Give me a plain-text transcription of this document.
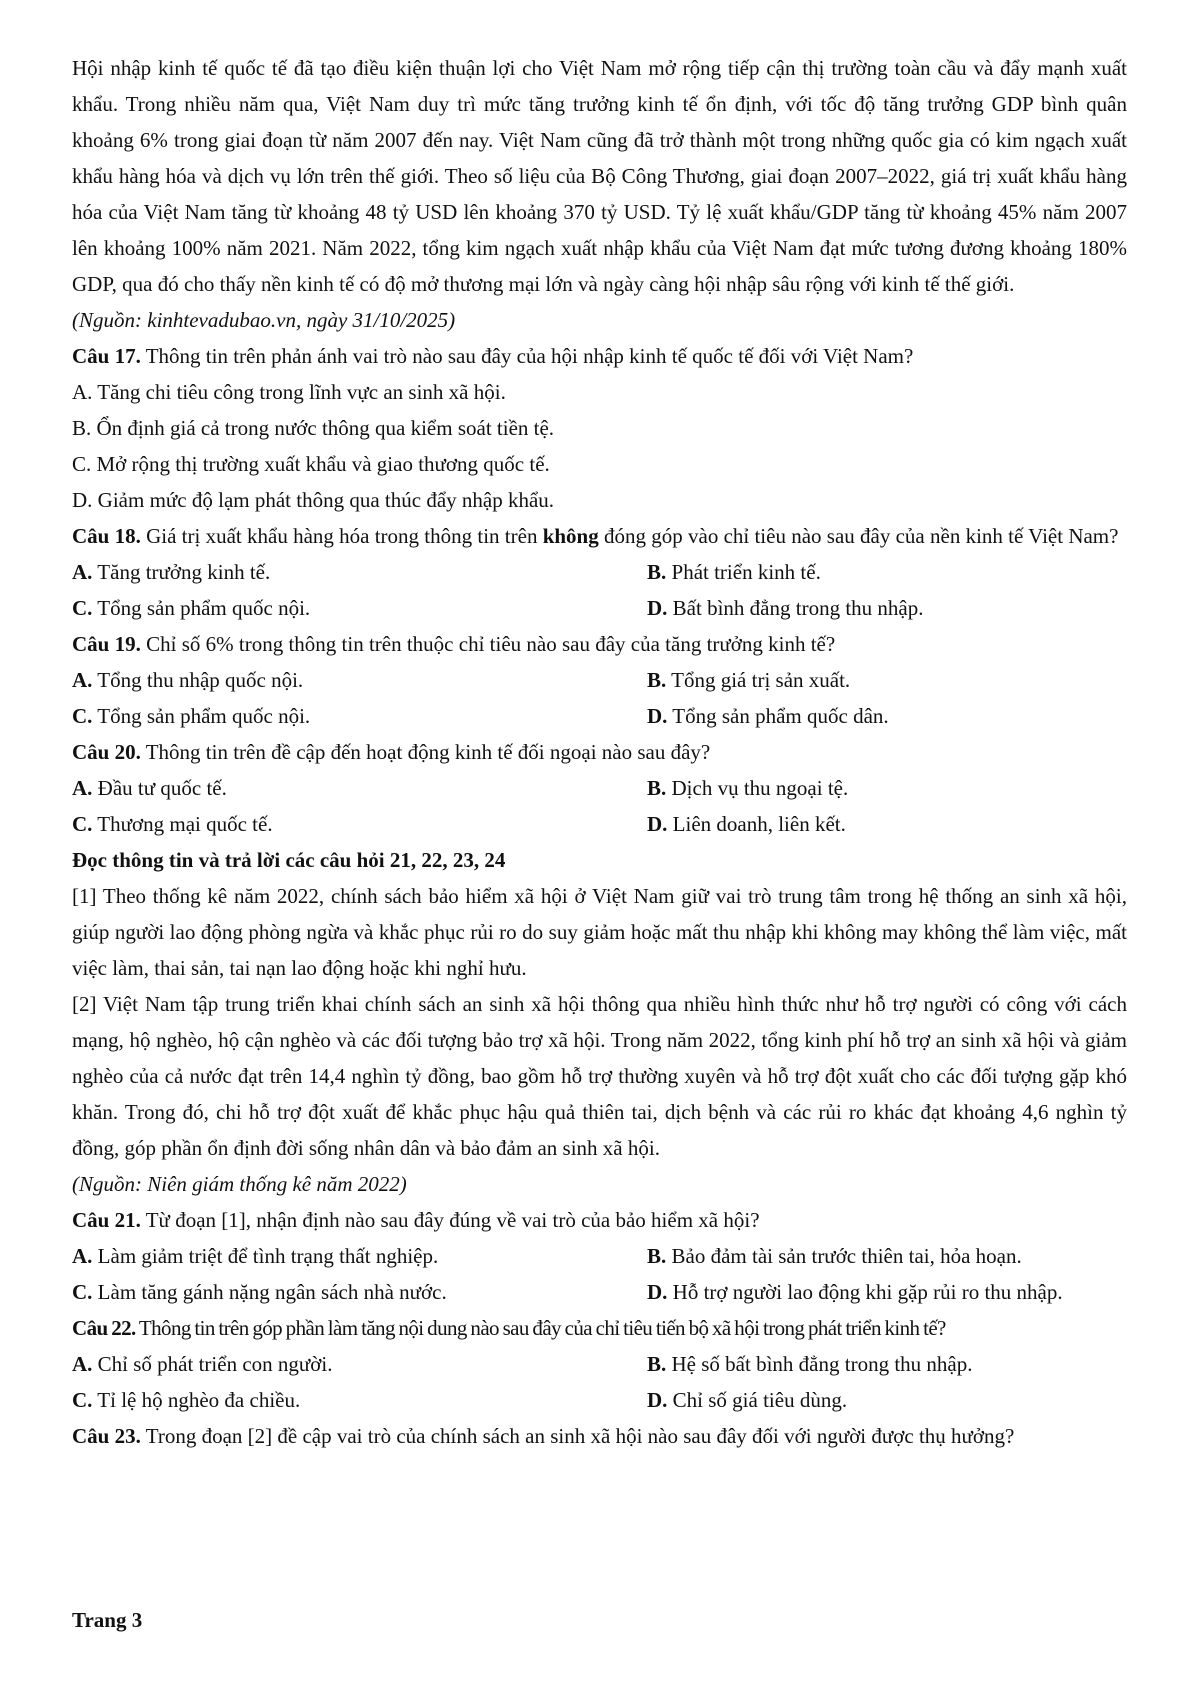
Hội nhập kinh tế quốc tế đã tạo điều kiện thuận lợi cho Việt Nam mở rộng tiếp cận thị trường toàn cầu và đẩy mạnh xuất khẩu. Trong nhiều năm qua, Việt Nam duy trì mức tăng trưởng kinh tế ổn định, với tốc độ tăng trưởng GDP bình quân khoảng 6% trong giai đoạn từ năm 2007 đến nay. Việt Nam cũng đã trở thành một trong những quốc gia có kim ngạch xuất khẩu hàng hóa và dịch vụ lớn trên thế giới. Theo số liệu của Bộ Công Thương, giai đoạn 2007–2022, giá trị xuất khẩu hàng hóa của Việt Nam tăng từ khoảng 48 tỷ USD lên khoảng 370 tỷ USD. Tỷ lệ xuất khẩu/GDP tăng từ khoảng 45% năm 2007 lên khoảng 100% năm 2021. Năm 2022, tổng kim ngạch xuất nhập khẩu của Việt Nam đạt mức tương đương khoảng 180% GDP, qua đó cho thấy nền kinh tế có độ mở thương mại lớn và ngày càng hội nhập sâu rộng với kinh tế thế giới.

(Nguồn: kinhtevadubao.vn, ngày 31/10/2025)

Câu 17. Thông tin trên phản ánh vai trò nào sau đây của hội nhập kinh tế quốc tế đối với Việt Nam?

A. Tăng chi tiêu công trong lĩnh vực an sinh xã hội.

B. Ổn định giá cả trong nước thông qua kiểm soát tiền tệ.

C. Mở rộng thị trường xuất khẩu và giao thương quốc tế.

D. Giảm mức độ lạm phát thông qua thúc đẩy nhập khẩu.

Câu 18. Giá trị xuất khẩu hàng hóa trong thông tin trên không đóng góp vào chỉ tiêu nào sau đây của nền kinh tế Việt Nam?

A. Tăng trưởng kinh tế.	B. Phát triển kinh tế.
C. Tổng sản phẩm quốc nội.	D. Bất bình đẳng trong thu nhập.

Câu 19. Chỉ số 6% trong thông tin trên thuộc chỉ tiêu nào sau đây của tăng trưởng kinh tế?

A. Tổng thu nhập quốc nội.	B. Tổng giá trị sản xuất.
C. Tổng sản phẩm quốc nội.	D. Tổng sản phẩm quốc dân.

Câu 20. Thông tin trên đề cập đến hoạt động kinh tế đối ngoại nào sau đây?

A. Đầu tư quốc tế.	B. Dịch vụ thu ngoại tệ.
C. Thương mại quốc tế.	D. Liên doanh, liên kết.

Đọc thông tin và trả lời các câu hỏi 21, 22, 23, 24

[1] Theo thống kê năm 2022, chính sách bảo hiểm xã hội ở Việt Nam giữ vai trò trung tâm trong hệ thống an sinh xã hội, giúp người lao động phòng ngừa và khắc phục rủi ro do suy giảm hoặc mất thu nhập khi không may không thể làm việc, mất việc làm, thai sản, tai nạn lao động hoặc khi nghỉ hưu.

[2] Việt Nam tập trung triển khai chính sách an sinh xã hội thông qua nhiều hình thức như hỗ trợ người có công với cách mạng, hộ nghèo, hộ cận nghèo và các đối tượng bảo trợ xã hội. Trong năm 2022, tổng kinh phí hỗ trợ an sinh xã hội và giảm nghèo của cả nước đạt trên 14,4 nghìn tỷ đồng, bao gồm hỗ trợ thường xuyên và hỗ trợ đột xuất cho các đối tượng gặp khó khăn. Trong đó, chi hỗ trợ đột xuất để khắc phục hậu quả thiên tai, dịch bệnh và các rủi ro khác đạt khoảng 4,6 nghìn tỷ đồng, góp phần ổn định đời sống nhân dân và bảo đảm an sinh xã hội.

(Nguồn: Niên giám thống kê năm 2022)

Câu 21. Từ đoạn [1], nhận định nào sau đây đúng về vai trò của bảo hiểm xã hội?

A. Làm giảm triệt để tình trạng thất nghiệp.	B. Bảo đảm tài sản trước thiên tai, hỏa hoạn.
C. Làm tăng gánh nặng ngân sách nhà nước.	D. Hỗ trợ người lao động khi gặp rủi ro thu nhập.

Câu 22. Thông tin trên góp phần làm tăng nội dung nào sau đây của chỉ tiêu tiến bộ xã hội trong phát triển kinh tế?

A. Chỉ số phát triển con người.	B. Hệ số bất bình đẳng trong thu nhập.
C. Tỉ lệ hộ nghèo đa chiều.	D. Chỉ số giá tiêu dùng.

Câu 23. Trong đoạn [2] đề cập vai trò của chính sách an sinh xã hội nào sau đây đối với người được thụ hưởng?

Trang 3
